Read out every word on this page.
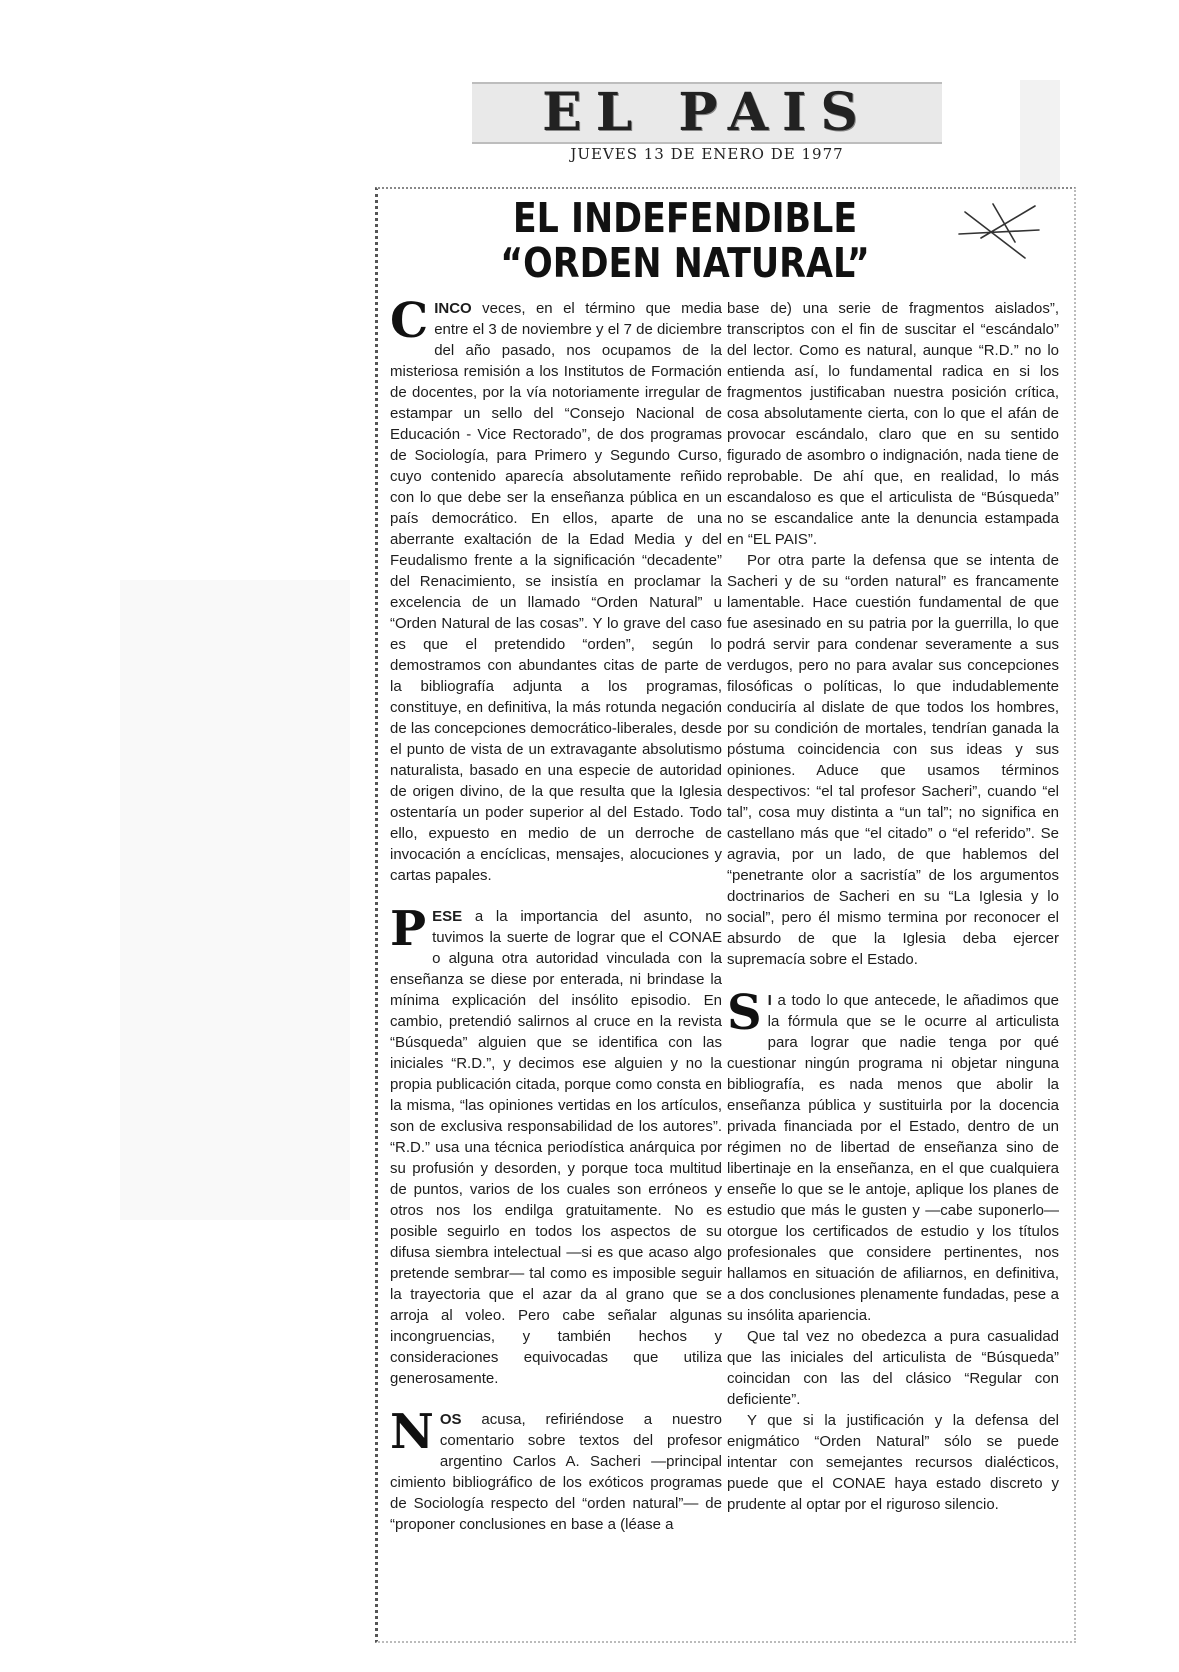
EL PAIS
JUEVES 13 DE ENERO DE 1977
EL INDEFENDIBLE
“ORDEN NATURAL”

CINCO veces, en el término que media entre el 3 de noviembre y el 7 de diciembre del año pasado, nos ocupamos de la misteriosa remisión a los Institutos de Formación de docentes, por la vía notoriamente irregular de estampar un sello del “Consejo Nacional de Educación - Vice Rectorado”, de dos programas de Sociología, para Primero y Segundo Curso, cuyo contenido aparecía absolutamente reñido con lo que debe ser la enseñanza pública en un país democrático. En ellos, aparte de una aberrante exaltación de la Edad Media y del Feudalismo frente a la significación “decadente” del Renacimiento, se insistía en proclamar la excelencia de un llamado “Orden Natural” u “Orden Natural de las cosas”. Y lo grave del caso es que el pretendido “orden”, según lo demostramos con abundantes citas de parte de la bibliografía adjunta a los programas, constituye, en definitiva, la más rotunda negación de las concepciones democrático-liberales, desde el punto de vista de un extravagante absolutismo naturalista, basado en una especie de autoridad de origen divino, de la que resulta que la Iglesia ostentaría un poder superior al del Estado. Todo ello, expuesto en medio de un derroche de invocación a encíclicas, mensajes, alocuciones y cartas papales.

PESE a la importancia del asunto, no tuvimos la suerte de lograr que el CONAE o alguna otra autoridad vinculada con la enseñanza se diese por enterada, ni brindase la mínima explicación del insólito episodio. En cambio, pretendió salirnos al cruce en la revista “Búsqueda” alguien que se identifica con las iniciales “R.D.”, y decimos ese alguien y no la propia publicación citada, porque como consta en la misma, “las opiniones vertidas en los artículos, son de exclusiva responsabilidad de los autores”. “R.D.” usa una técnica periodística anárquica por su profusión y desorden, y porque toca multitud de puntos, varios de los cuales son erróneos y otros nos los endilga gratuitamente. No es posible seguirlo en todos los aspectos de su difusa siembra intelectual —si es que acaso algo pretende sembrar— tal como es imposible seguir la trayectoria que el azar da al grano que se arroja al voleo. Pero cabe señalar algunas incongruencias, y también hechos y consideraciones equivocadas que utiliza generosamente.

NOS acusa, refiriéndose a nuestro comentario sobre textos del profesor argentino Carlos A. Sacheri —principal cimiento bibliográfico de los exóticos programas de Sociología respecto del “orden natural”— de “proponer conclusiones en base a (léase a

base de) una serie de fragmentos aislados”, transcriptos con el fin de suscitar el “escándalo” del lector. Como es natural, aunque “R.D.” no lo entienda así, lo fundamental radica en si los fragmentos justificaban nuestra posición crítica, cosa absolutamente cierta, con lo que el afán de provocar escándalo, claro que en su sentido figurado de asombro o indignación, nada tiene de reprobable. De ahí que, en realidad, lo más escandaloso es que el articulista de “Búsqueda” no se escandalice ante la denuncia estampada en “EL PAIS”.

Por otra parte la defensa que se intenta de Sacheri y de su “orden natural” es francamente lamentable. Hace cuestión fundamental de que fue asesinado en su patria por la guerrilla, lo que podrá servir para condenar severamente a sus verdugos, pero no para avalar sus concepciones filosóficas o políticas, lo que indudablemente conduciría al dislate de que todos los hombres, por su condición de mortales, tendrían ganada la póstuma coincidencia con sus ideas y sus opiniones. Aduce que usamos términos despectivos: “el tal profesor Sacheri”, cuando “el tal”, cosa muy distinta a “un tal”; no significa en castellano más que “el citado” o “el referido”. Se agravia, por un lado, de que hablemos del “penetrante olor a sacristía” de los argumentos doctrinarios de Sacheri en su “La Iglesia y lo social”, pero él mismo termina por reconocer el absurdo de que la Iglesia deba ejercer supremacía sobre el Estado.

S I a todo lo que antecede, le añadimos que la fórmula que se le ocurre al articulista para lograr que nadie tenga por qué cuestionar ningún programa ni objetar ninguna bibliografía, es nada menos que abolir la enseñanza pública y sustituirla por la docencia privada financiada por el Estado, dentro de un régimen no de libertad de enseñanza sino de libertinaje en la enseñanza, en el que cualquiera enseñe lo que se le antoje, aplique los planes de estudio que más le gusten y —cabe suponerlo— otorgue los certificados de estudio y los títulos profesionales que considere pertinentes, nos hallamos en situación de afiliarnos, en definitiva, a dos conclusiones plenamente fundadas, pese a su insólita apariencia.

Que tal vez no obedezca a pura casualidad que las iniciales del articulista de “Búsqueda” coincidan con las del clásico “Regular con deficiente”.

Y que si la justificación y la defensa del enigmático “Orden Natural” sólo se puede intentar con semejantes recursos dialécticos, puede que el CONAE haya estado discreto y prudente al optar por el riguroso silencio.
